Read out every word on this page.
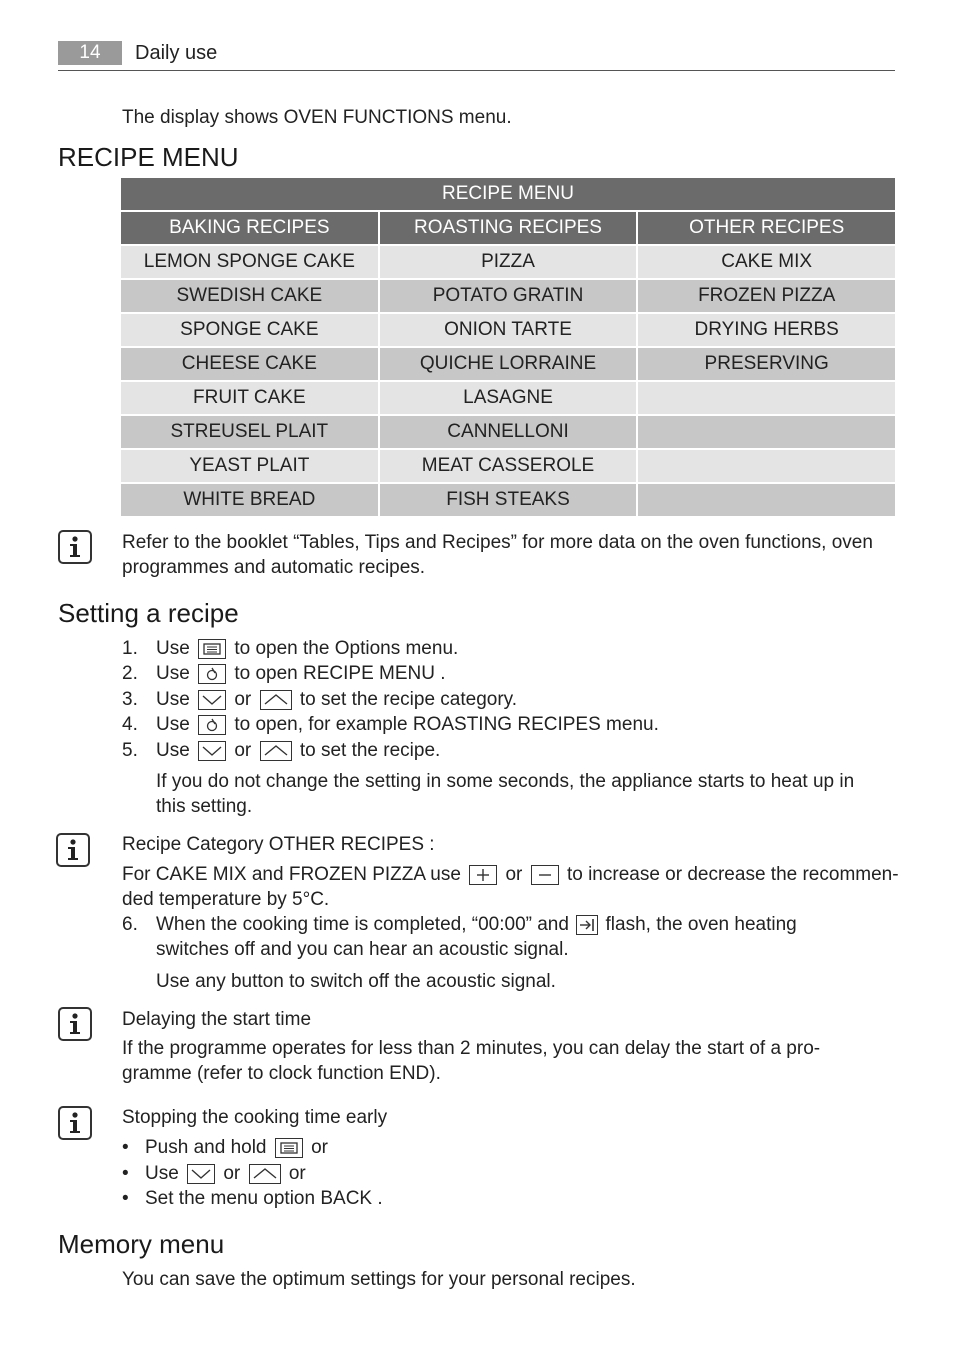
14	Daily use
The display shows OVEN FUNCTIONS menu.
RECIPE MENU
RECIPE MENU
BAKING RECIPES	ROASTING RECIPES	OTHER RECIPES
LEMON SPONGE CAKE	PIZZA	CAKE MIX
SWEDISH CAKE	POTATO GRATIN	FROZEN PIZZA
SPONGE CAKE	ONION TARTE	DRYING HERBS
CHEESE CAKE	QUICHE LORRAINE	PRESERVING
FRUIT CAKE	LASAGNE
STREUSEL PLAIT	CANNELLONI
YEAST PLAIT	MEAT CASSEROLE
WHITE BREAD	FISH STEAKS
Refer to the booklet “Tables, Tips and Recipes” for more data on the oven functions, oven
programmes and automatic recipes.
Setting a recipe
1. Use to open the Options menu.
2. Use to open RECIPE MENU .
3. Use or	to set the recipe category.
4. Use to open, for example ROASTING RECIPES menu.
5. Use or	to set the recipe.
If you do not change the setting in some seconds, the appliance starts to heat up in
this setting.
Recipe Category OTHER RECIPES :
For CAKE MIX and FROZEN PIZZA use or to increase or decrease the recommen-
ded temperature by 5°C.
6. When the cooking time is completed, “00:00” and flash, the oven heating
switches off and you can hear an acoustic signal.
Use any button to switch off the acoustic signal.
Delaying the start time
If the programme operates for less than 2 minutes, you can delay the start of a pro-
gramme (refer to clock function END).
Stopping the cooking time early
• Push and hold or
• Use or	or
• Set the menu option BACK .
Memory menu
You can save the optimum settings for your personal recipes.
